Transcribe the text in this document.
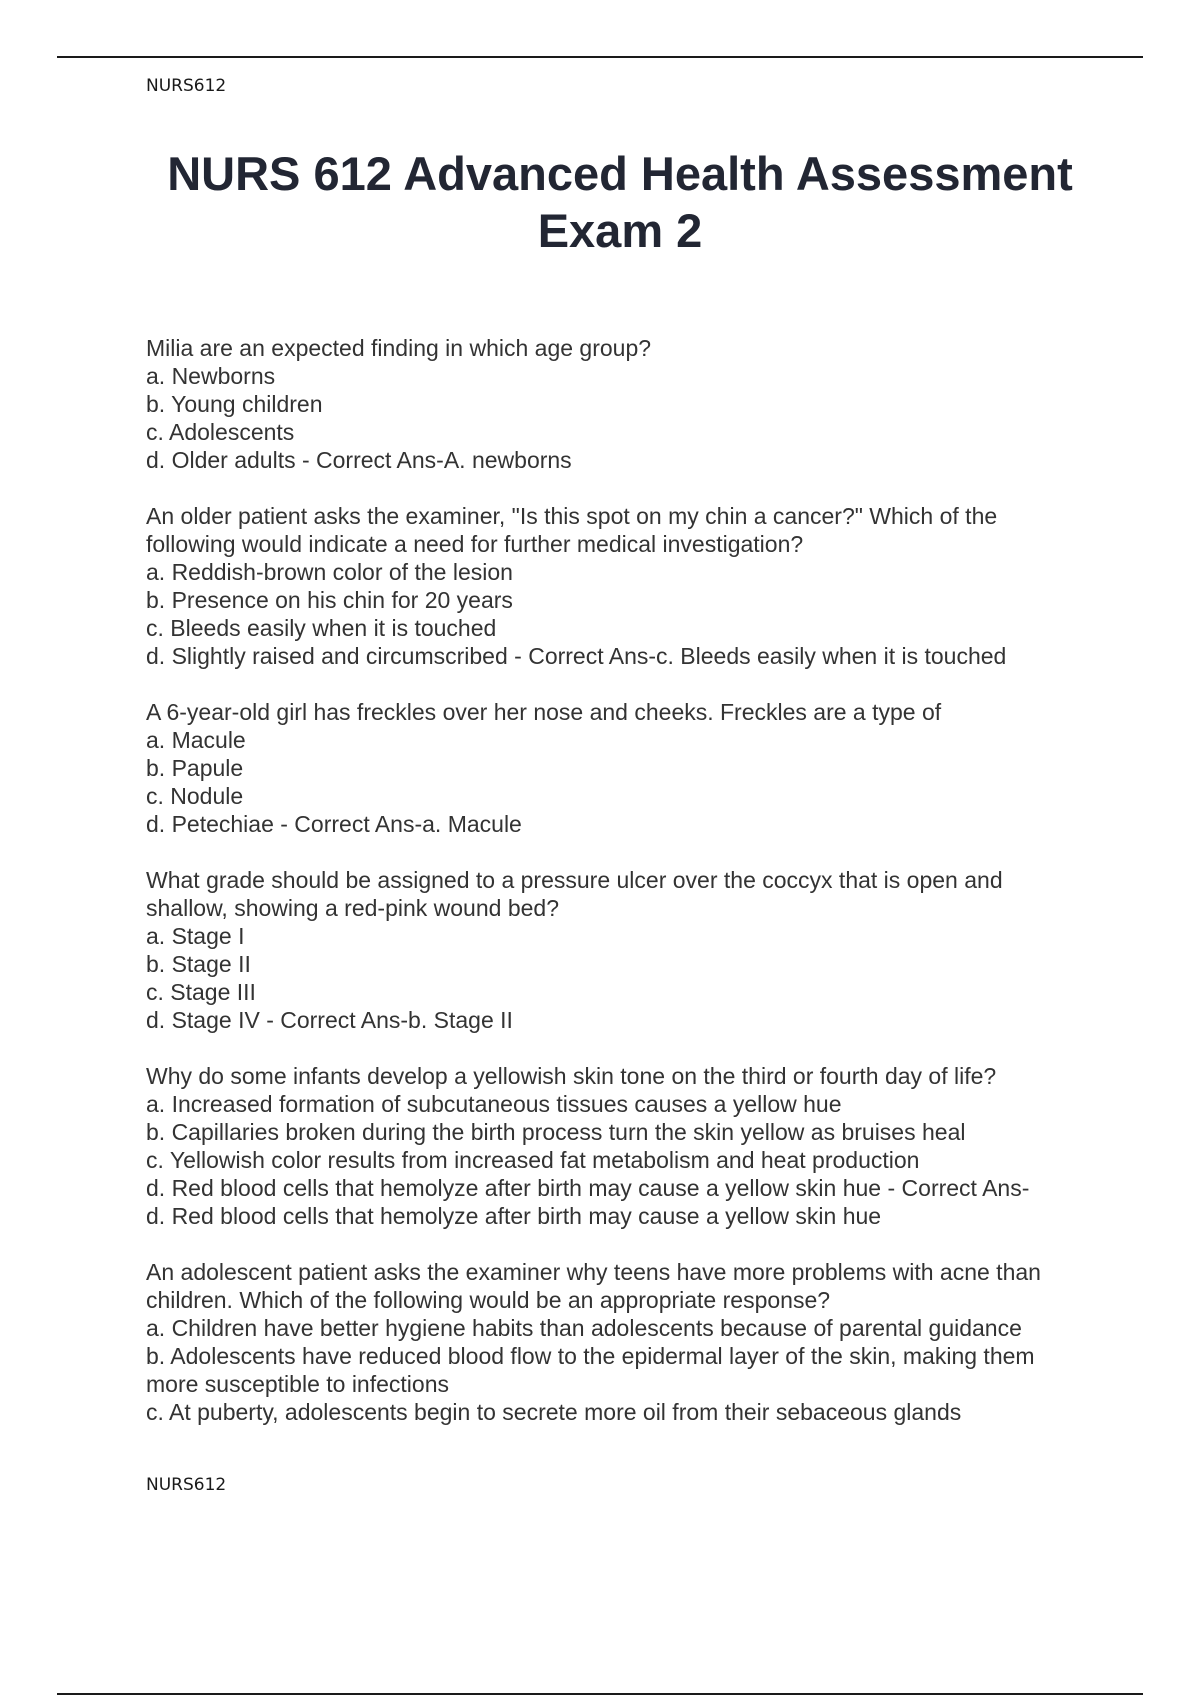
NURS612
NURS 612 Advanced Health Assessment
Exam 2

Milia are an expected finding in which age group?

a. Newborns

b. Young children

c. Adolescents

d. Older adults - Correct Ans-A. newborns

An older patient asks the examiner, "Is this spot on my chin a cancer?" Which of the

following would indicate a need for further medical investigation?

a. Reddish-brown color of the lesion

b. Presence on his chin for 20 years

c. Bleeds easily when it is touched

d. Slightly raised and circumscribed - Correct Ans-c. Bleeds easily when it is touched

A 6-year-old girl has freckles over her nose and cheeks. Freckles are a type of

a. Macule

b. Papule

c. Nodule

d. Petechiae - Correct Ans-a. Macule

What grade should be assigned to a pressure ulcer over the coccyx that is open and

shallow, showing a red-pink wound bed?

a. Stage I

b. Stage II

c. Stage III

d. Stage IV - Correct Ans-b. Stage II

Why do some infants develop a yellowish skin tone on the third or fourth day of life?

a. Increased formation of subcutaneous tissues causes a yellow hue

b. Capillaries broken during the birth process turn the skin yellow as bruises heal

c. Yellowish color results from increased fat metabolism and heat production

d. Red blood cells that hemolyze after birth may cause a yellow skin hue - Correct Ans-

d. Red blood cells that hemolyze after birth may cause a yellow skin hue

An adolescent patient asks the examiner why teens have more problems with acne than

children. Which of the following would be an appropriate response?

a. Children have better hygiene habits than adolescents because of parental guidance

b. Adolescents have reduced blood flow to the epidermal layer of the skin, making them

more susceptible to infections

c. At puberty, adolescents begin to secrete more oil from their sebaceous glands

NURS612
